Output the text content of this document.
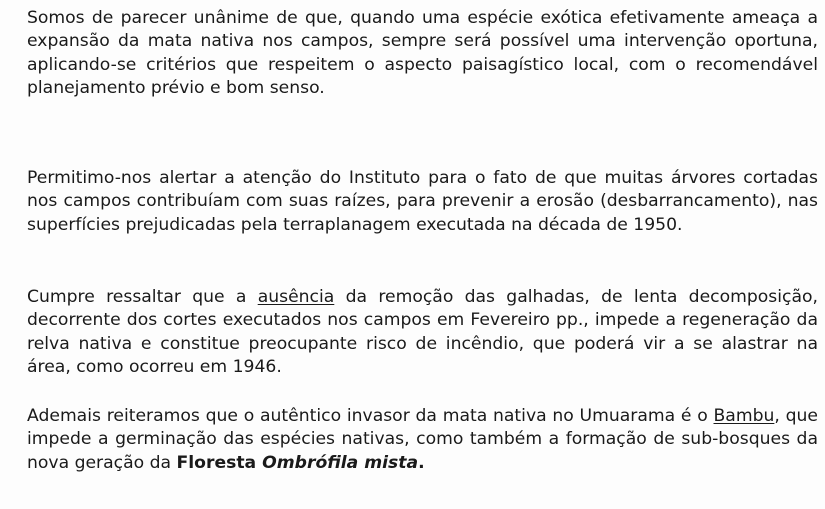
Somos de parecer unânime de que, quando uma espécie exótica efetivamente ameaça a expansão da mata nativa nos campos, sempre será possível uma intervenção oportuna, aplicando-se critérios que respeitem o aspecto paisagístico local, com o recomendável planejamento prévio e bom senso.

Permitimo-nos alertar a atenção do Instituto para o fato de que muitas árvores cortadas nos campos contribuíam com suas raízes, para prevenir a erosão (desbarrancamento), nas superfícies prejudicadas pela terraplanagem executada na década de 1950.

Cumpre ressaltar que a ausência da remoção das galhadas, de lenta decomposição, decorrente dos cortes executados nos campos em Fevereiro pp., impede a regeneração da relva nativa e constitue preocupante risco de incêndio, que poderá vir a se alastrar na área, como ocorreu em 1946.

Ademais reiteramos que o autêntico invasor da mata nativa no Umuarama é o Bambu, que impede a germinação das espécies nativas, como também a formação de sub-bosques da nova geração da Floresta Ombrófila mista.
